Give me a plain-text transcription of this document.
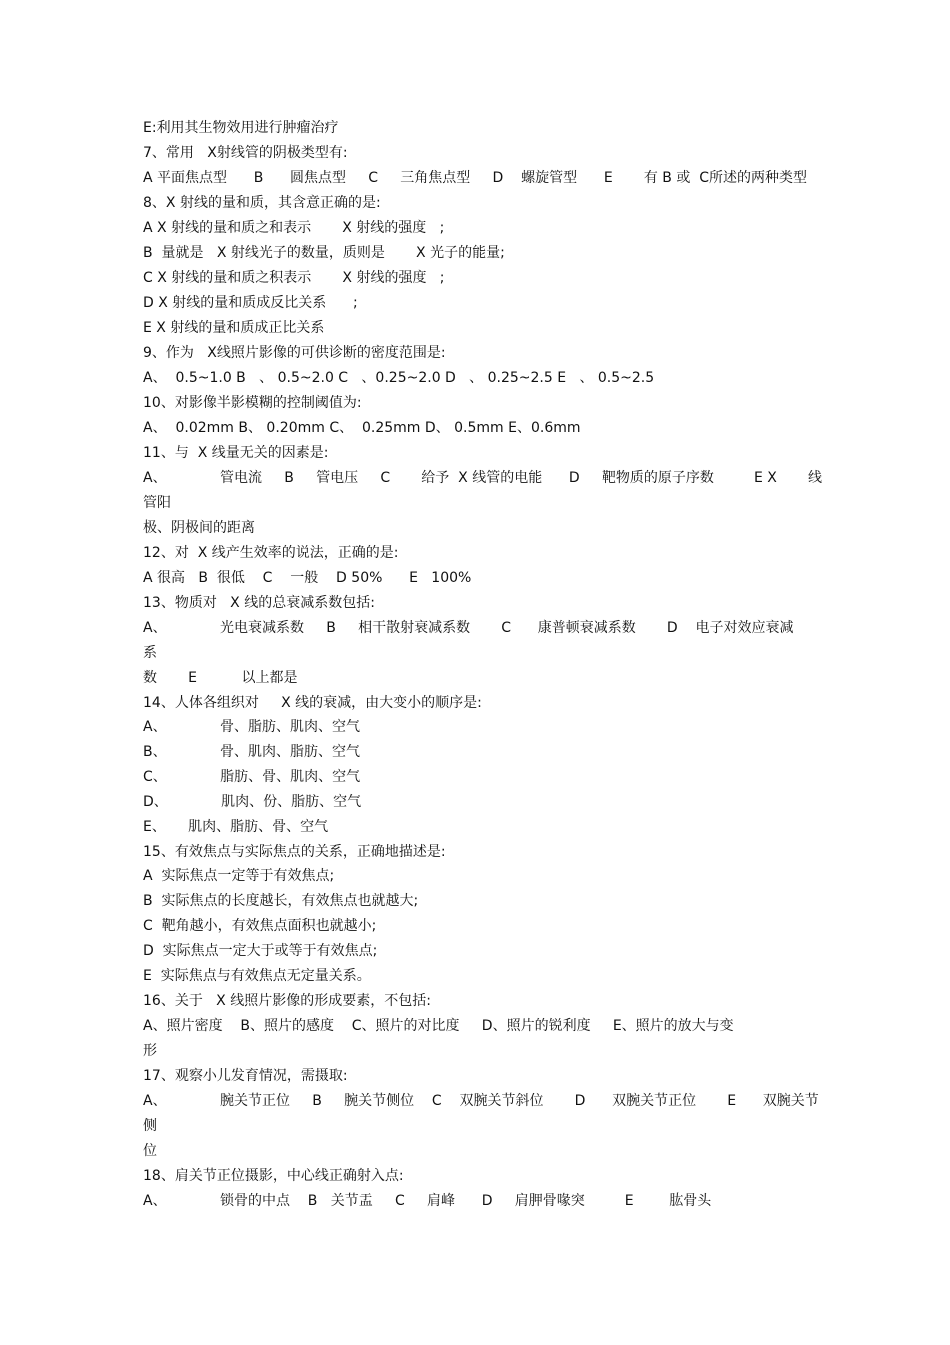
E:利用其生物效用进行肿瘤治疗
7、常用   X射线管的阴极类型有:
A 平面焦点型      B      圆焦点型     C     三角焦点型     D    螺旋管型      E       有 B 或  C所述的两种类型
8、X 射线的量和质，其含意正确的是:
A X 射线的量和质之和表示       X 射线的强度   ;
B  量就是   X 射线光子的数量，质则是       X 光子的能量;
C X 射线的量和质之积表示       X 射线的强度   ;
D X 射线的量和质成反比关系      ;
E X 射线的量和质成正比关系
9、作为   X线照片影像的可供诊断的密度范围是:
A、  0.5~1.0 B   、 0.5~2.0 C   、0.25~2.0 D   、 0.25~2.5 E   、 0.5~2.5
10、对影像半影模糊的控制阈值为:
A、  0.02mm B、 0.20mm C、  0.25mm D、 0.5mm E、0.6mm
11、与  X 线量无关的因素是:
A、            管电流     B     管电压     C       给予  X 线管的电能      D     靶物质的原子序数         E X       线
管阳
极、阴极间的距离
12、对  X 线产生效率的说法，正确的是:
A 很高   B  很低    C    一般    D 50%      E   100%
13、物质对   X 线的总衰减系数包括:
A、            光电衰减系数     B     相干散射衰减系数       C      康普顿衰减系数       D    电子对效应衰减
系
数       E          以上都是
14、人体各组织对     X 线的衰减，由大变小的顺序是:
A、            骨、脂肪、肌肉、空气
B、            骨、肌肉、脂肪、空气
C、            脂肪、骨、肌肉、空气
D、            肌肉、份、脂肪、空气
E、     肌肉、脂肪、骨、空气
15、有效焦点与实际焦点的关系，正确地描述是:
A  实际焦点一定等于有效焦点;
B  实际焦点的长度越长，有效焦点也就越大;
C  靶角越小，有效焦点面积也就越小;
D  实际焦点一定大于或等于有效焦点;
E  实际焦点与有效焦点无定量关系。
16、关于   X 线照片影像的形成要素，不包括:
A、照片密度    B、照片的感度    C、照片的对比度     D、照片的锐利度     E、照片的放大与变
形
17、观察小儿发育情况，需摄取:
A、            腕关节正位     B     腕关节侧位    C    双腕关节斜位       D      双腕关节正位       E      双腕关节
侧
位
18、肩关节正位摄影，中心线正确射入点:
A、            锁骨的中点    B   关节盂     C     肩峰      D     肩胛骨喙突         E        肱骨头
